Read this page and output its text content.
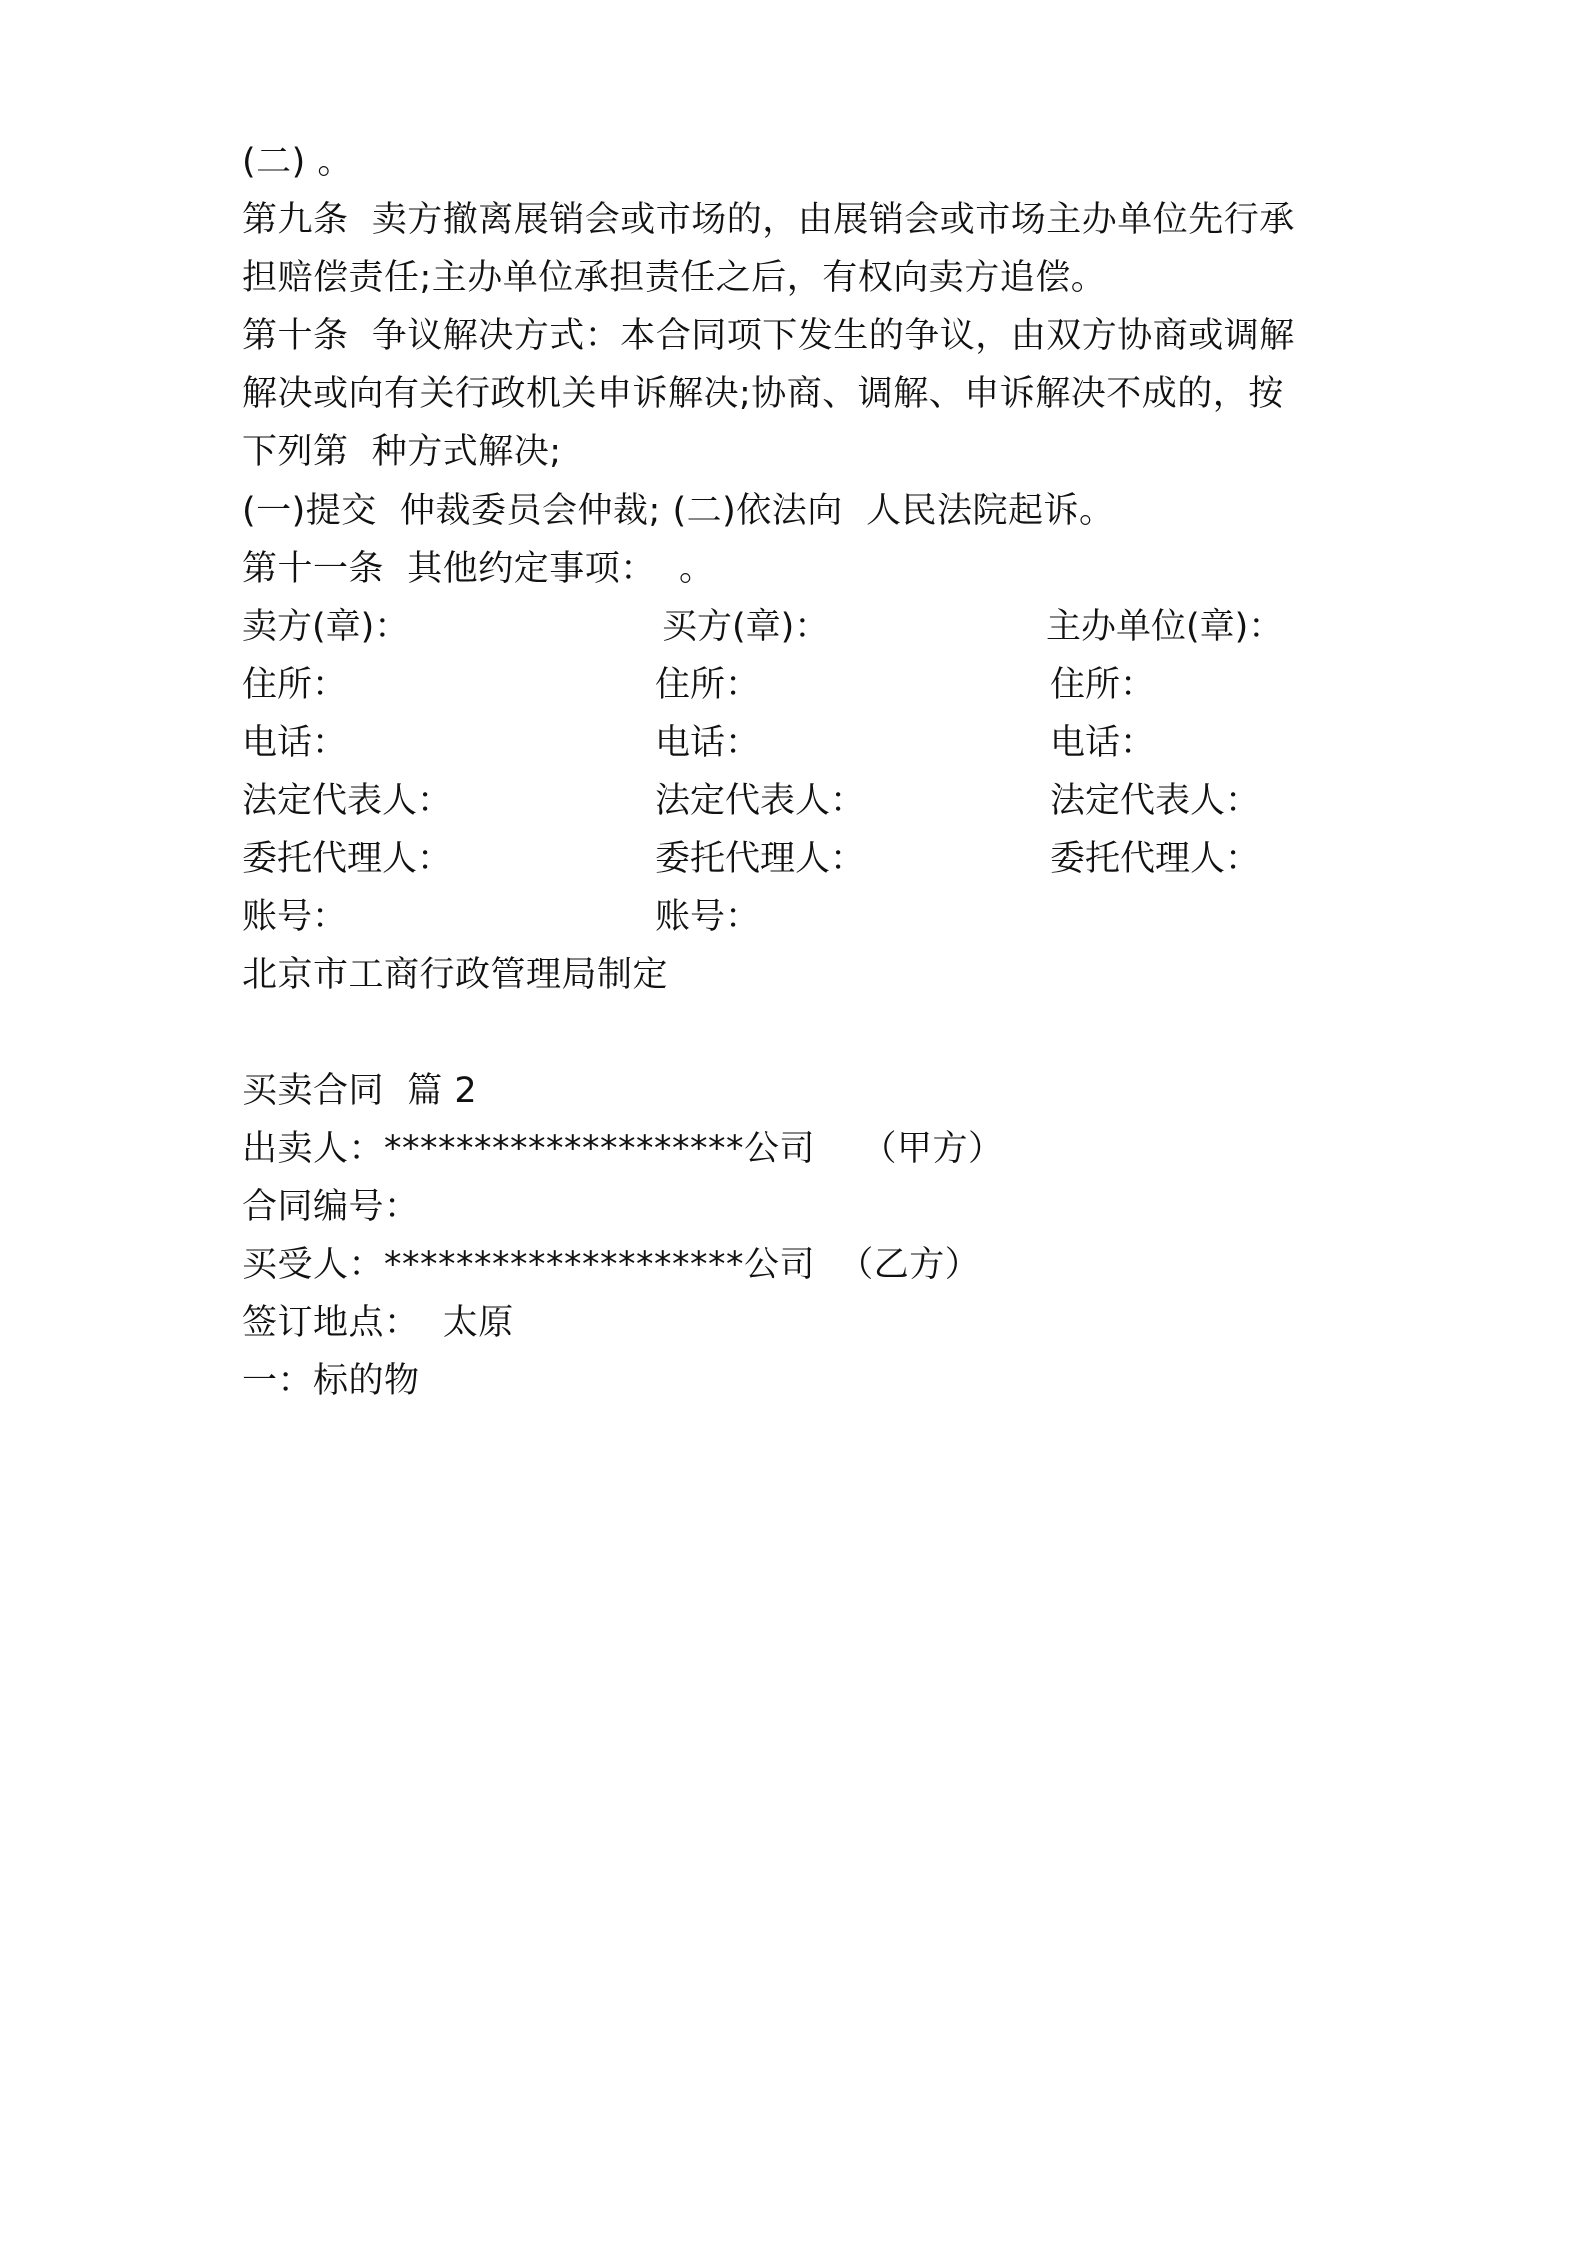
(二) 。
第九条  卖方撤离展销会或市场的，由展销会或市场主办单位先行承
担赔偿责任;主办单位承担责任之后，有权向卖方追偿。
第十条  争议解决方式：本合同项下发生的争议，由双方协商或调解
解决或向有关行政机关申诉解决;协商、调解、申诉解决不成的，按
下列第  种方式解决;
(一)提交  仲裁委员会仲裁; (二)依法向  人民法院起诉。
第十一条  其他约定事项：  。
卖方(章)：
住所：
电话：
法定代表人：
委托代理人：
账号：
买方(章)：
住所：
电话：
法定代表人：
委托代理人：
账号：
主办单位(章)：
住所：
电话：
法定代表人：
委托代理人：
北京市工商行政管理局制定
买卖合同  篇 2
出卖人：********************公司    （甲方）
合同编号：
买受人：********************公司  （乙方）
签订地点：  太原
一：标的物
